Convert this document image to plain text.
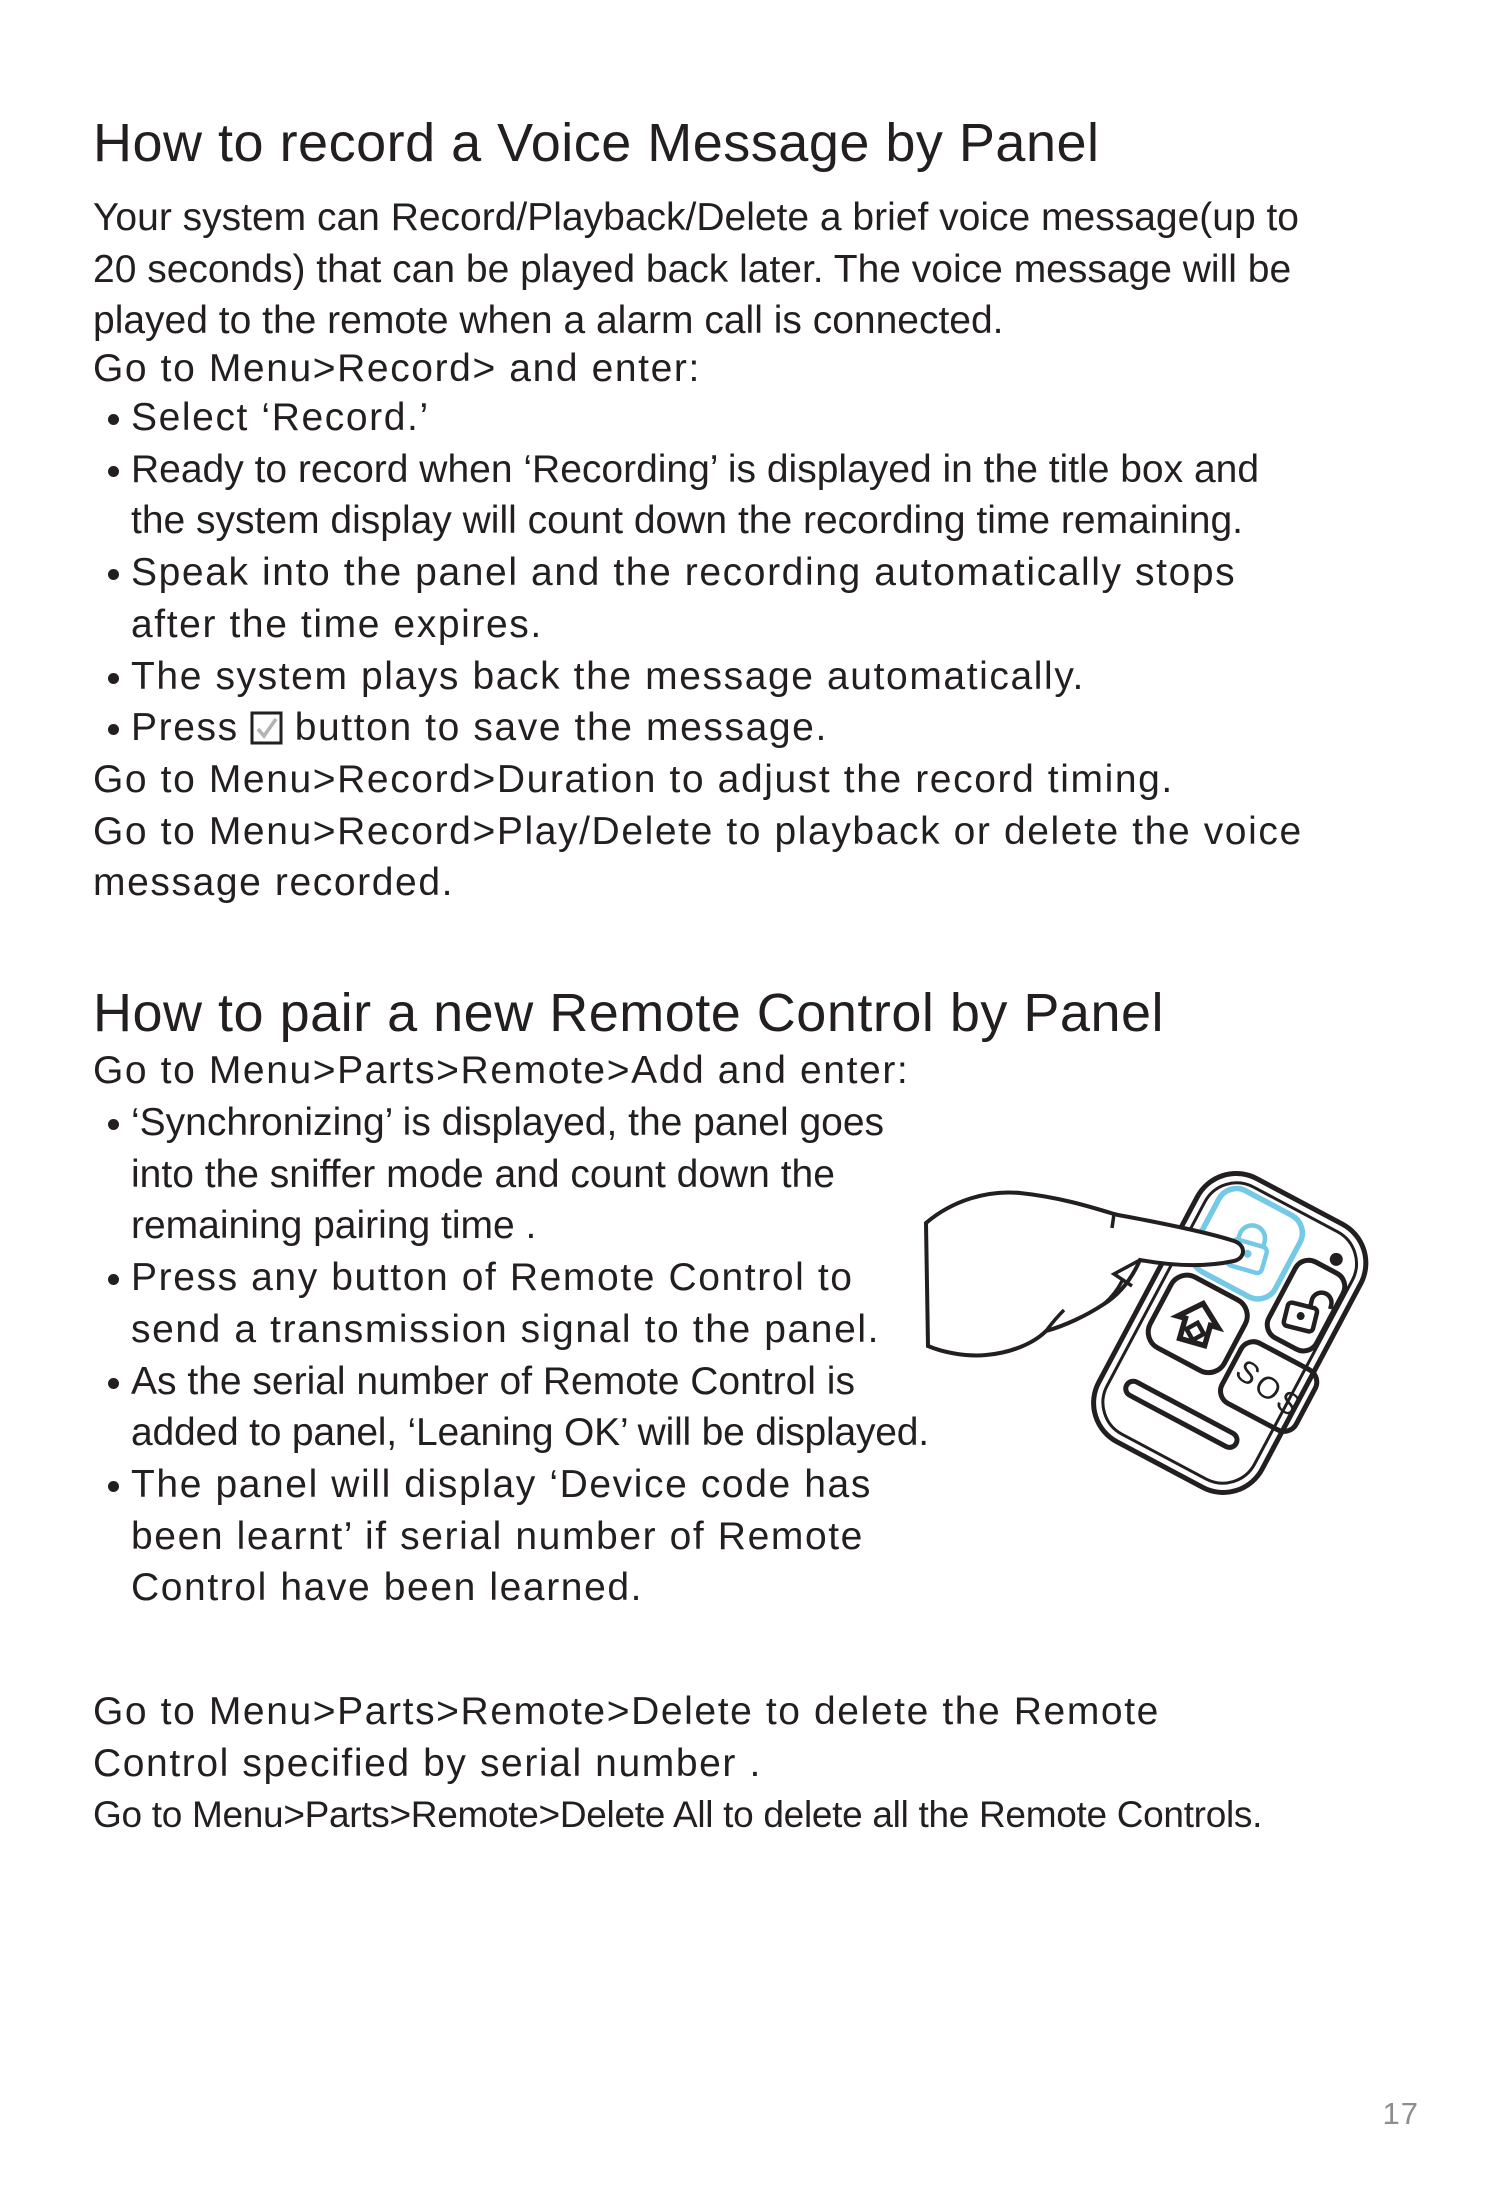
How to record a Voice Message by Panel
Your system can Record/Playback/Delete a brief voice message(up to
20 seconds) that can be played back later. The voice message will be
played to the remote when a alarm call is connected.
Go to Menu>Record> and enter:
Select ‘Record.’
Ready to record when ‘Recording’ is displayed in the title box and
the system display will count down the recording time remaining.
Speak into the panel and the recording automatically stops
after the time expires.
The system plays back the message automatically.
Press button to save the message.
Go to Menu>Record>Duration to adjust the record timing.
Go to Menu>Record>Play/Delete to playback or delete the voice
message recorded.
How to pair a new Remote Control by Panel
Go to Menu>Parts>Remote>Add and enter:
‘Synchronizing’ is displayed, the panel goes
into the sniffer mode and count down the
remaining pairing time .
Press any button of Remote Control to
send a transmission signal to the panel.
As the serial number of Remote Control is
added to panel, ‘Leaning OK’ will be displayed.
The panel will display ‘Device code has
been learnt’ if serial number of Remote
Control have been learned.
Go to Menu>Parts>Remote>Delete to delete the Remote
Control specified by serial number .
Go to Menu>Parts>Remote>Delete All to delete all the Remote Controls.
SOS
17
